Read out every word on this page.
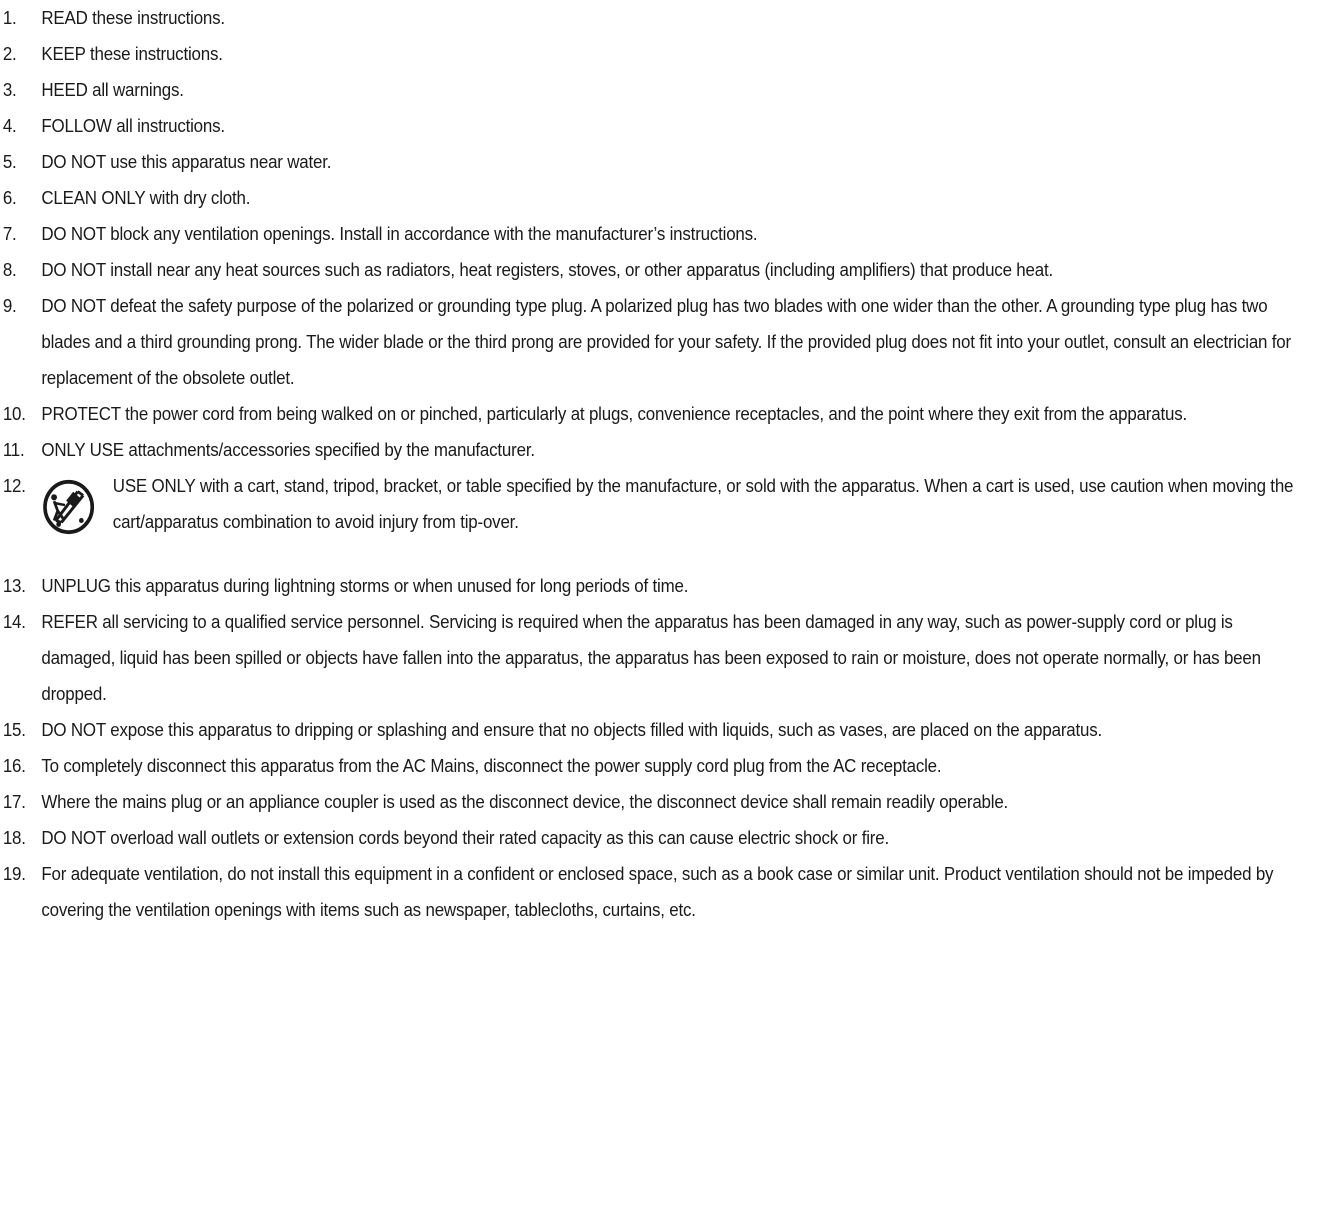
1.	READ these instructions.
2.	KEEP these instructions.
3.	HEED all warnings.
4.	FOLLOW all instructions.
5.	DO NOT use this apparatus near water.
6.	CLEAN ONLY with dry cloth.
7.	DO NOT block any ventilation openings. Install in accordance with the manufacturer’s instructions.
8.	DO NOT install near any heat sources such as radiators, heat registers, stoves, or other apparatus (including amplifiers) that produce heat.
9.	DO NOT defeat the safety purpose of the polarized or grounding type plug. A polarized plug has two blades with one wider than the other. A grounding type plug has two blades and a third grounding prong. The wider blade or the third prong are provided for your safety. If the provided plug does not fit into your outlet, consult an electrician for replacement of the obsolete outlet.
10. PROTECT the power cord from being walked on or pinched, particularly at plugs, convenience receptacles, and the point where they exit from the apparatus.
11. ONLY USE attachments/accessories specified by the manufacturer.
12.	USE ONLY with a cart, stand, tripod, bracket, or table specified by the manufacture, or sold with the apparatus. When a cart is used, use caution when moving the cart/apparatus combination to avoid injury from tip-over.
13. UNPLUG this apparatus during lightning storms or when unused for long periods of time.
14. REFER all servicing to a qualified service personnel. Servicing is required when the apparatus has been damaged in any way, such as power-supply cord or plug is damaged, liquid has been spilled or objects have fallen into the apparatus, the apparatus has been exposed to rain or moisture, does not operate normally, or has been dropped.
15. DO NOT expose this apparatus to dripping or splashing and ensure that no objects filled with liquids, such as vases, are placed on the apparatus.
16. To completely disconnect this apparatus from the AC Mains, disconnect the power supply cord plug from the AC receptacle.
17. Where the mains plug or an appliance coupler is used as the disconnect device, the disconnect device shall remain readily operable.
18. DO NOT overload wall outlets or extension cords beyond their rated capacity as this can cause electric shock or fire.
19. For adequate ventilation, do not install this equipment in a confident or enclosed space, such as a book case or similar unit. Product ventilation should not be impeded by covering the ventilation openings with items such as newspaper, tablecloths, curtains, etc.
